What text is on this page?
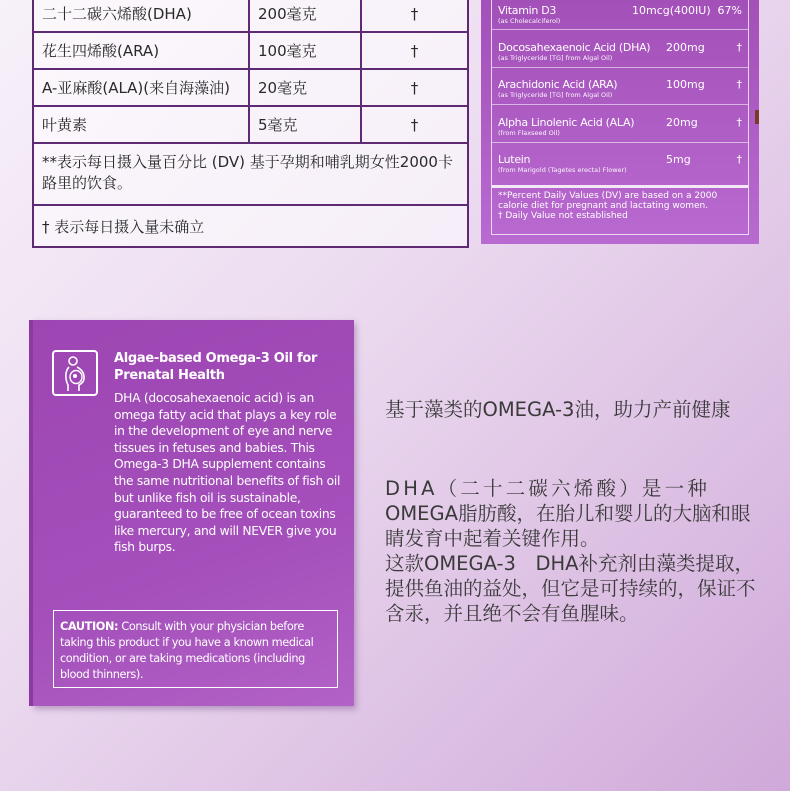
二十二碳六烯酸(DHA)	200毫克	†
花生四烯酸(ARA)	100毫克	†
A-亚麻酸(ALA)(来自海藻油)	20毫克	†
叶黄素	5毫克	†
**表示每日摄入量百分比 (DV) 基于孕期和哺乳期女性2000卡路里的饮食。
† 表示每日摄入量未确立
Vitamin D3	10mcg(400IU) 67%
(as Cholecalciferol)
Docosahexaenoic Acid (DHA)	200mg	†
(as Triglyceride [TG] from Algal Oil)
Arachidonic Acid (ARA)	100mg	†
(as Triglyceride [TG] from Algal Oil)
Alpha Linolenic Acid (ALA)	20mg	†
(from Flaxseed Oil)
Lutein	5mg	†
(from Marigold (Tagetes erecta) Flower)
**Percent Daily Values (DV) are based on a 2000 calorie diet for pregnant and lactating women.
† Daily Value not established
Algae-based Omega-3 Oil for Prenatal Health
DHA (docosahexaenoic acid) is an omega fatty acid that plays a key role in the development of eye and nerve tissues in fetuses and babies. This Omega-3 DHA supplement contains the same nutritional benefits of fish oil but unlike fish oil is sustainable, guaranteed to be free of ocean toxins like mercury, and will NEVER give you fish burps.
CAUTION: Consult with your physician before taking this product if you have a known medical condition, or are taking medications (including blood thinners).
基于藻类的OMEGA-3油，助力产前健康

DHA（二十二碳六烯酸）是一种OMEGA脂肪酸，在胎儿和婴儿的大脑和眼睛发育中起着关键作用。

这款OMEGA-3　DHA补充剂由藻类提取，提供鱼油的益处，但它是可持续的，保证不含汞，并且绝不会有鱼腥味。
